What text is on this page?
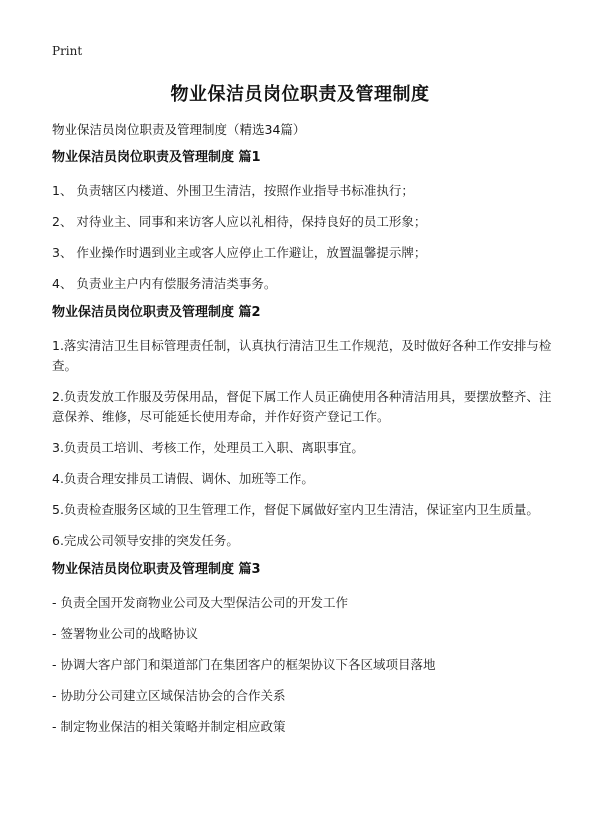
Print
物业保洁员岗位职责及管理制度
物业保洁员岗位职责及管理制度（精选34篇）
物业保洁员岗位职责及管理制度 篇1
1、 负责辖区内楼道、外围卫生清洁，按照作业指导书标准执行；
2、 对待业主、同事和来访客人应以礼相待，保持良好的员工形象；
3、 作业操作时遇到业主或客人应停止工作避让，放置温馨提示牌；
4、 负责业主户内有偿服务清洁类事务。
物业保洁员岗位职责及管理制度 篇2
1.落实清洁卫生目标管理责任制，认真执行清洁卫生工作规范，及时做好各种工作安排与检查。
2.负责发放工作服及劳保用品，督促下属工作人员正确使用各种清洁用具，要摆放整齐、注意保养、维修，尽可能延长使用寿命，并作好资产登记工作。
3.负责员工培训、考核工作，处理员工入职、离职事宜。
4.负责合理安排员工请假、调休、加班等工作。
5.负责检查服务区域的卫生管理工作，督促下属做好室内卫生清洁，保证室内卫生质量。
6.完成公司领导安排的突发任务。
物业保洁员岗位职责及管理制度 篇3
- 负责全国开发商物业公司及大型保洁公司的开发工作
- 签署物业公司的战略协议
- 协调大客户部门和渠道部门在集团客户的框架协议下各区域项目落地
- 协助分公司建立区域保洁协会的合作关系
- 制定物业保洁的相关策略并制定相应政策
